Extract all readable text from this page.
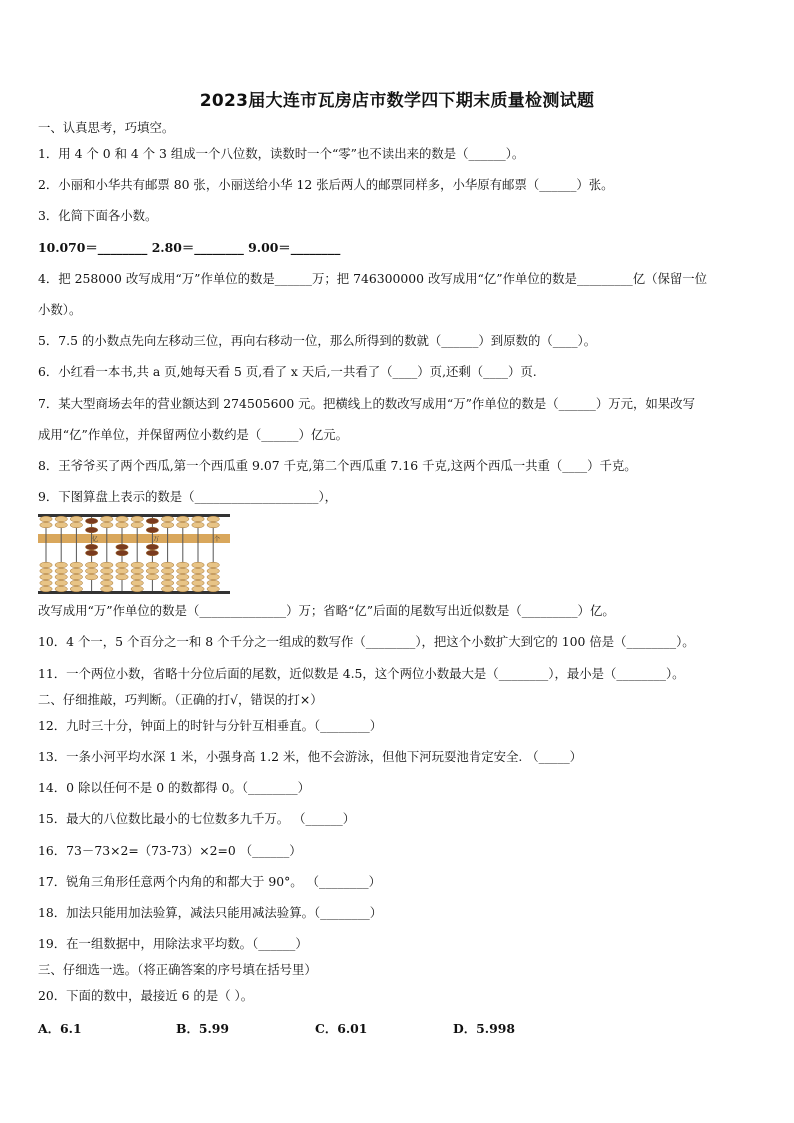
2023届大连市瓦房店市数学四下期末质量检测试题
一、认真思考，巧填空。
1．用 4 个 0 和 4 个 3 组成一个八位数，读数时一个“零”也不读出来的数是（______）。
2．小丽和小华共有邮票 80 张，小丽送给小华 12 张后两人的邮票同样多，小华原有邮票（______）张。
3．化简下面各小数。
10.070＝________ 2.80＝________ 9.00＝________
4．把 258000 改写成用“万”作单位的数是______万；把 746300000 改写成用“亿”作单位的数是_________亿（保留一位
小数）。
5．7.5 的小数点先向左移动三位，再向右移动一位，那么所得到的数就（______）到原数的（____）。
6．小红看一本书,共 a 页,她每天看 5 页,看了 x 天后,一共看了（____）页,还剩（____）页.
7．某大型商场去年的营业额达到 274505600 元。把横线上的数改写成用“万”作单位的数是（______）万元，如果改写
成用“亿”作单位，并保留两位小数约是（______）亿元。
8．王爷爷买了两个西瓜,第一个西瓜重 9.07 千克,第二个西瓜重 7.16 千克,这两个西瓜一共重（____）千克。
9．下图算盘上表示的数是（____________________），
亿	万	个
改写成用“万”作单位的数是（______________）万；省略“亿”后面的尾数写出近似数是（_________）亿。
10．4 个一，5 个百分之一和 8 个千分之一组成的数写作（________），把这个小数扩大到它的 100 倍是（________）。
11．一个两位小数，省略十分位后面的尾数，近似数是 4.5，这个两位小数最大是（________），最小是（________）。
二、仔细推敲，巧判断。（正确的打√，错误的打×）
12．九时三十分，钟面上的时针与分针互相垂直。（________）
13．一条小河平均水深 1 米，小强身高 1.2 米，他不会游泳，但他下河玩耍池肯定安全. （_____）
14．0 除以任何不是 0 的数都得 0。（________）
15．最大的八位数比最小的七位数多九千万。 （______）
16．73－73×2=（73-73）×2=0 （______）
17．锐角三角形任意两个内角的和都大于 90°。 （________）
18．加法只能用加法验算，减法只能用减法验算。（________）
19．在一组数据中，用除法求平均数。（______）
三、仔细选一选。（将正确答案的序号填在括号里）
20．下面的数中，最接近 6 的是（ ）。
A．6.1	B．5.99	C．6.01	D．5.998
